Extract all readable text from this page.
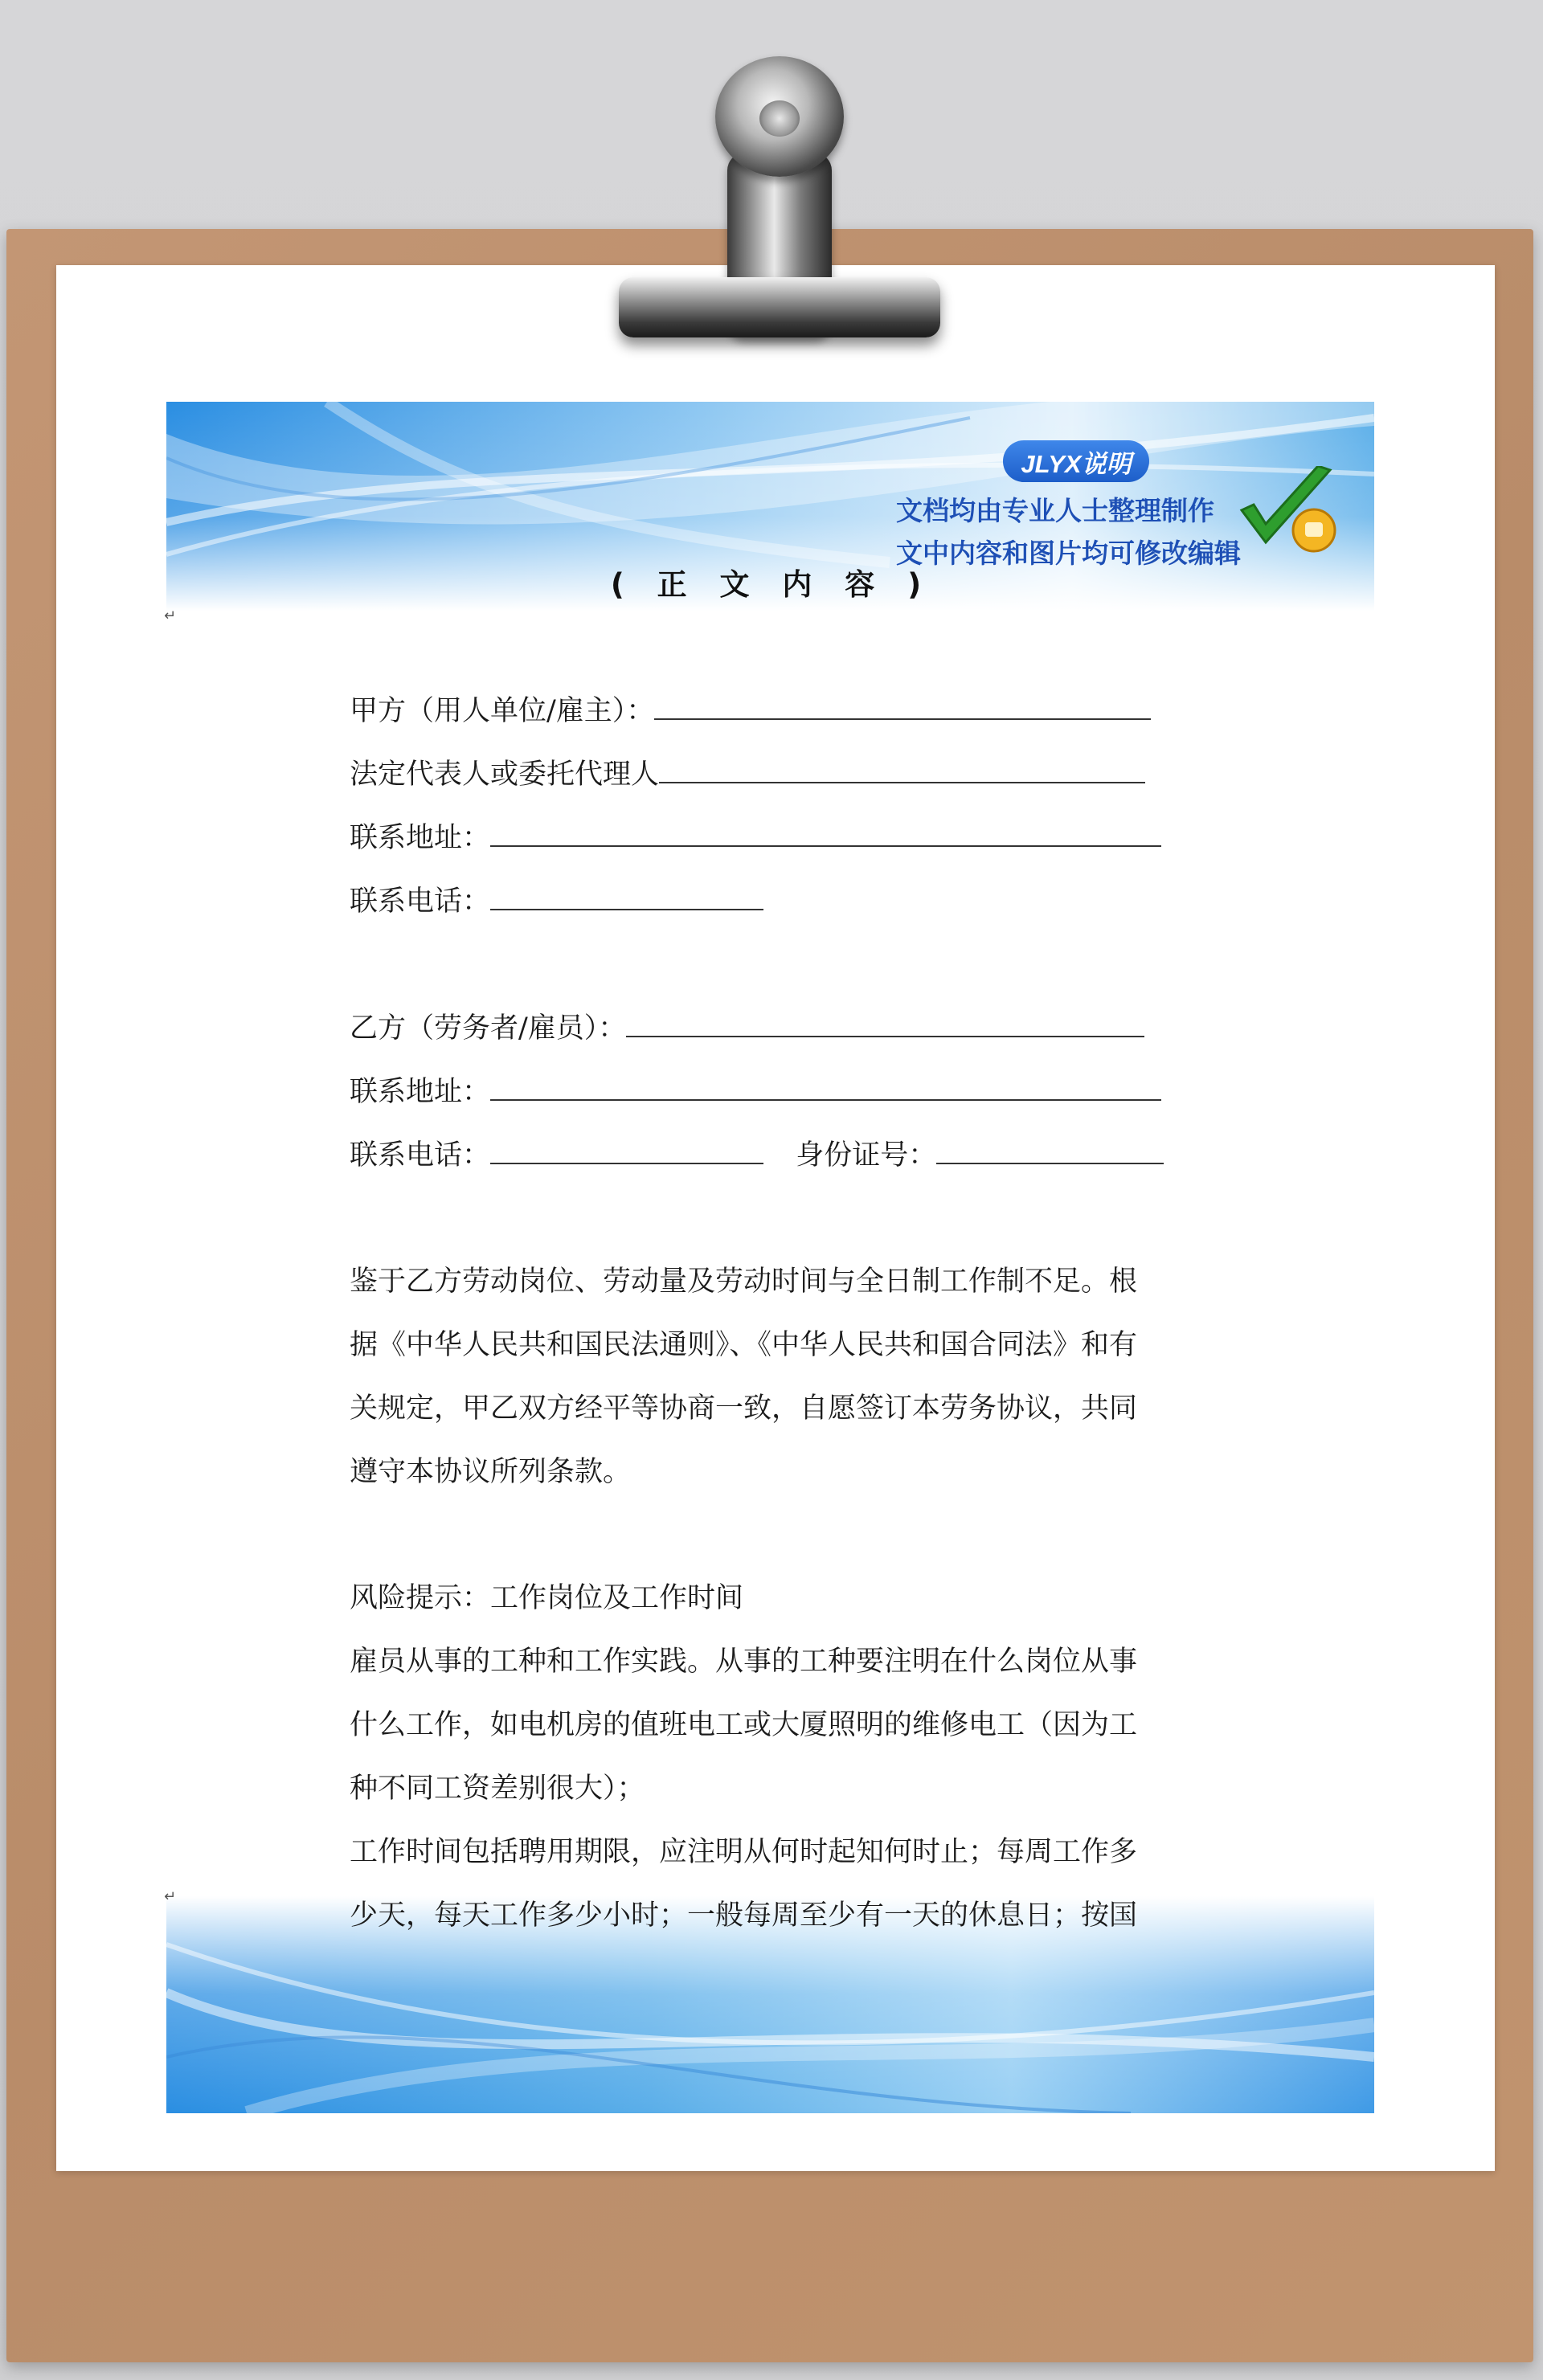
JLYX说明
文档均由专业人士整理制作
文中内容和图片均可修改编辑
( 正 文 内 容 )
↵
甲方（用人单位/雇主）：
法定代表人或委托代理人
联系地址：
联系电话：
乙方（劳务者/雇员）：
联系地址：
联系电话：	身份证号：
鉴于乙方劳动岗位、劳动量及劳动时间与全日制工作制不足。根
据《中华人民共和国民法通则》、《中华人民共和国合同法》和有
关规定，甲乙双方经平等协商一致，自愿签订本劳务协议，共同
遵守本协议所列条款。
风险提示：工作岗位及工作时间
雇员从事的工种和工作实践。从事的工种要注明在什么岗位从事
什么工作，如电机房的值班电工或大厦照明的维修电工（因为工
种不同工资差别很大）；
工作时间包括聘用期限，应注明从何时起知何时止；每周工作多
少天，每天工作多少小时；一般每周至少有一天的休息日；按国
↵
